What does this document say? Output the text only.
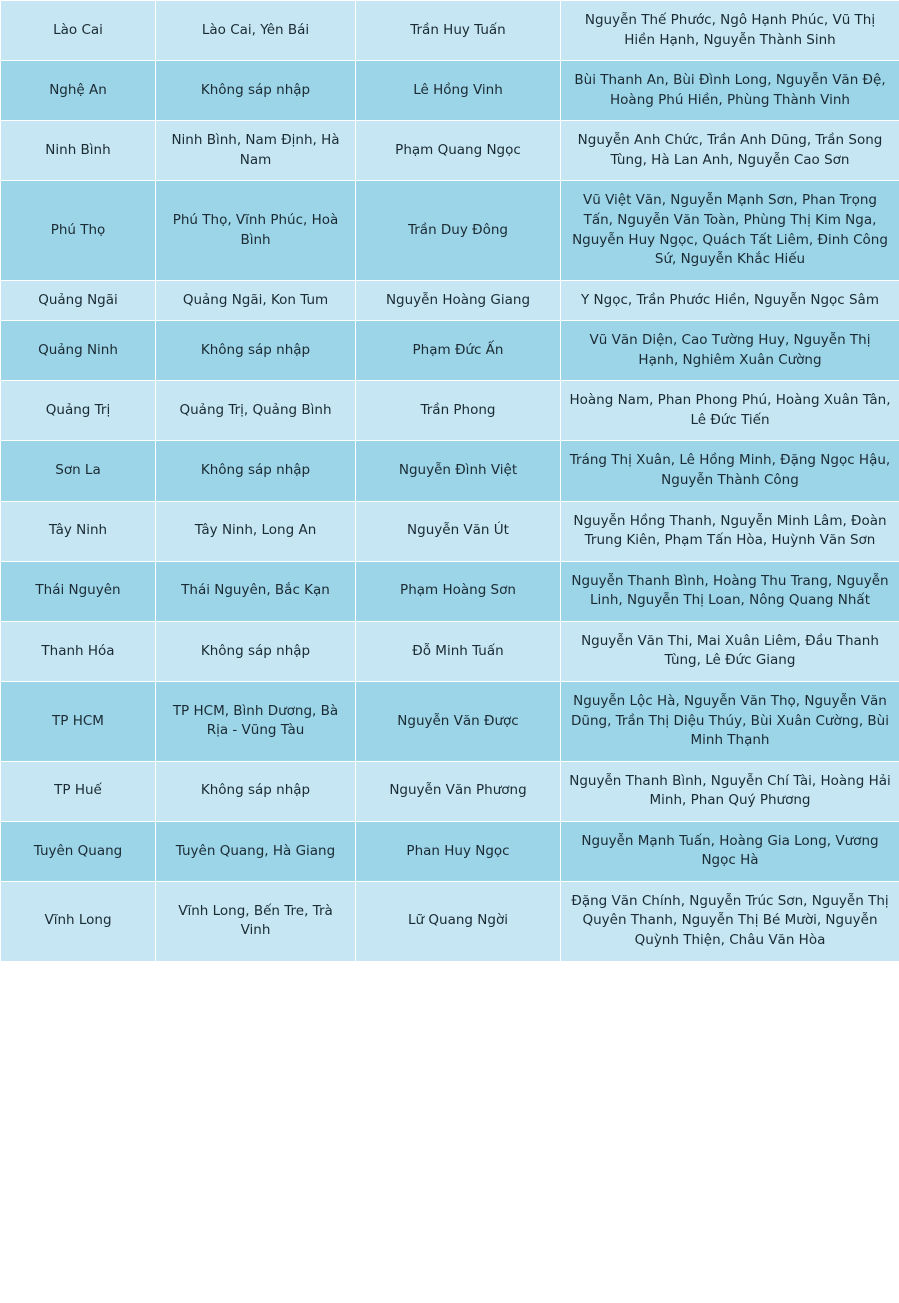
Lào Cai	Lào Cai, Yên Bái	Trần Huy Tuấn	Nguyễn Thế Phước, Ngô Hạnh Phúc, Vũ Thị Hiền Hạnh, Nguyễn Thành Sinh
Nghệ An	Không sáp nhập	Lê Hồng Vinh	Bùi Thanh An, Bùi Đình Long, Nguyễn Văn Đệ, Hoàng Phú Hiền, Phùng Thành Vinh
Ninh Bình	Ninh Bình, Nam Định, Hà Nam	Phạm Quang Ngọc	Nguyễn Anh Chức, Trần Anh Dũng, Trần Song Tùng, Hà Lan Anh, Nguyễn Cao Sơn
Phú Thọ	Phú Thọ, Vĩnh Phúc, Hoà Bình	Trần Duy Đông	Vũ Việt Văn, Nguyễn Mạnh Sơn, Phan Trọng Tấn, Nguyễn Văn Toàn, Phùng Thị Kim Nga, Nguyễn Huy Ngọc, Quách Tất Liêm, Đinh Công Sứ, Nguyễn Khắc Hiếu
Quảng Ngãi	Quảng Ngãi, Kon Tum	Nguyễn Hoàng Giang	Y Ngọc, Trần Phước Hiền, Nguyễn Ngọc Sâm
Quảng Ninh	Không sáp nhập	Phạm Đức Ấn	Vũ Văn Diện, Cao Tường Huy, Nguyễn Thị Hạnh, Nghiêm Xuân Cường
Quảng Trị	Quảng Trị, Quảng Bình	Trần Phong	Hoàng Nam, Phan Phong Phú, Hoàng Xuân Tân, Lê Đức Tiến
Sơn La	Không sáp nhập	Nguyễn Đình Việt	Tráng Thị Xuân, Lê Hồng Minh, Đặng Ngọc Hậu, Nguyễn Thành Công
Tây Ninh	Tây Ninh, Long An	Nguyễn Văn Út	Nguyễn Hồng Thanh, Nguyễn Minh Lâm, Đoàn Trung Kiên, Phạm Tấn Hòa, Huỳnh Văn Sơn
Thái Nguyên	Thái Nguyên, Bắc Kạn	Phạm Hoàng Sơn	Nguyễn Thanh Bình, Hoàng Thu Trang, Nguyễn Linh, Nguyễn Thị Loan, Nông Quang Nhất
Thanh Hóa	Không sáp nhập	Đỗ Minh Tuấn	Nguyễn Văn Thi, Mai Xuân Liêm, Đầu Thanh Tùng, Lê Đức Giang
TP HCM	TP HCM, Bình Dương, Bà Rịa - Vũng Tàu	Nguyễn Văn Được	Nguyễn Lộc Hà, Nguyễn Văn Thọ, Nguyễn Văn Dũng, Trần Thị Diệu Thúy, Bùi Xuân Cường, Bùi Minh Thạnh
TP Huế	Không sáp nhập	Nguyễn Văn Phương	Nguyễn Thanh Bình, Nguyễn Chí Tài, Hoàng Hải Minh, Phan Quý Phương
Tuyên Quang	Tuyên Quang, Hà Giang	Phan Huy Ngọc	Nguyễn Mạnh Tuấn, Hoàng Gia Long, Vương Ngọc Hà
Vĩnh Long	Vĩnh Long, Bến Tre, Trà Vinh	Lữ Quang Ngời	Đặng Văn Chính, Nguyễn Trúc Sơn, Nguyễn Thị Quyên Thanh, Nguyễn Thị Bé Mười, Nguyễn Quỳnh Thiện, Châu Văn Hòa
